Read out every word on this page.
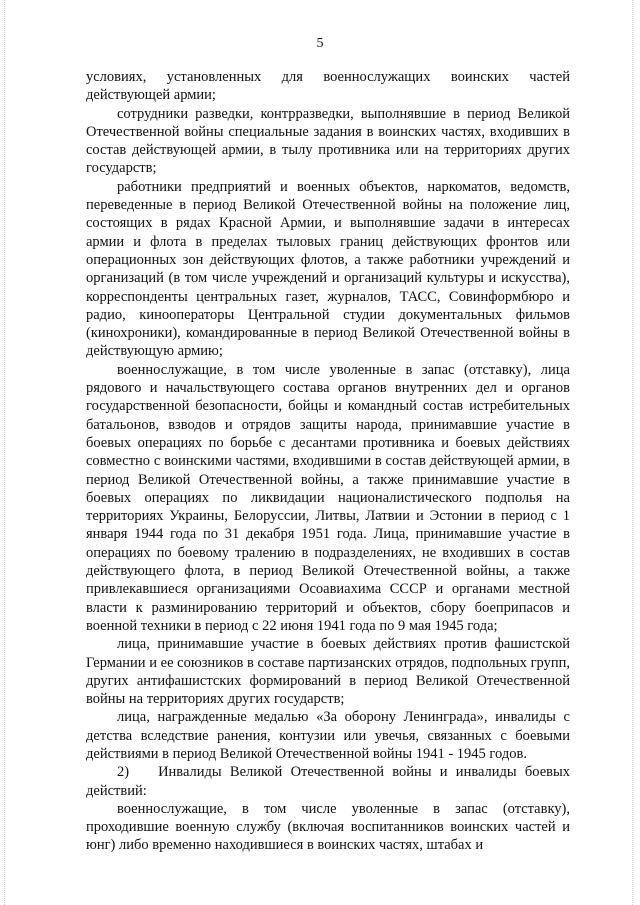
5

условиях, установленных для военнослужащих воинских частей действующей армии;

сотрудники разведки, контрразведки, выполнявшие в период Великой Отечественной войны специальные задания в воинских частях, входивших в состав действующей армии, в тылу противника или на территориях других государств;

работники предприятий и военных объектов, наркоматов, ведомств, переведенные в период Великой Отечественной войны на положение лиц, состоящих в рядах Красной Армии, и выполнявшие задачи в интересах армии и флота в пределах тыловых границ действующих фронтов или операционных зон действующих флотов, а также работники учреждений и организаций (в том числе учреждений и организаций культуры и искусства), корреспонденты центральных газет, журналов, ТАСС, Совинформбюро и радио, кинооператоры Центральной студии документальных фильмов (кинохроники), командированные в период Великой Отечественной войны в действующую армию;

военнослужащие, в том числе уволенные в запас (отставку), лица рядового и начальствующего состава органов внутренних дел и органов государственной безопасности, бойцы и командный состав истребительных батальонов, взводов и отрядов защиты народа, принимавшие участие в боевых операциях по борьбе с десантами противника и боевых действиях совместно с воинскими частями, входившими в состав действующей армии, в период Великой Отечественной войны, а также принимавшие участие в боевых операциях по ликвидации националистического подполья на территориях Украины, Белоруссии, Литвы, Латвии и Эстонии в период с 1 января 1944 года по 31 декабря 1951 года. Лица, принимавшие участие в операциях по боевому тралению в подразделениях, не входивших в состав действующего флота, в период Великой Отечественной войны, а также привлекавшиеся организациями Осоавиахима СССР и органами местной власти к разминированию территорий и объектов, сбору боеприпасов и военной техники в период с 22 июня 1941 года по 9 мая 1945 года;

лица, принимавшие участие в боевых действиях против фашистской Германии и ее союзников в составе партизанских отрядов, подпольных групп, других антифашистских формирований в период Великой Отечественной войны на территориях других государств;

лица, награжденные медалью «За оборону Ленинграда», инвалиды с детства вследствие ранения, контузии или увечья, связанных с боевыми действиями в период Великой Отечественной войны 1941 - 1945 годов.

2)  Инвалиды Великой Отечественной войны и инвалиды боевых действий:

военнослужащие, в том числе уволенные в запас (отставку), проходившие военную службу (включая воспитанников воинских частей и юнг) либо временно находившиеся в воинских частях, штабах и
